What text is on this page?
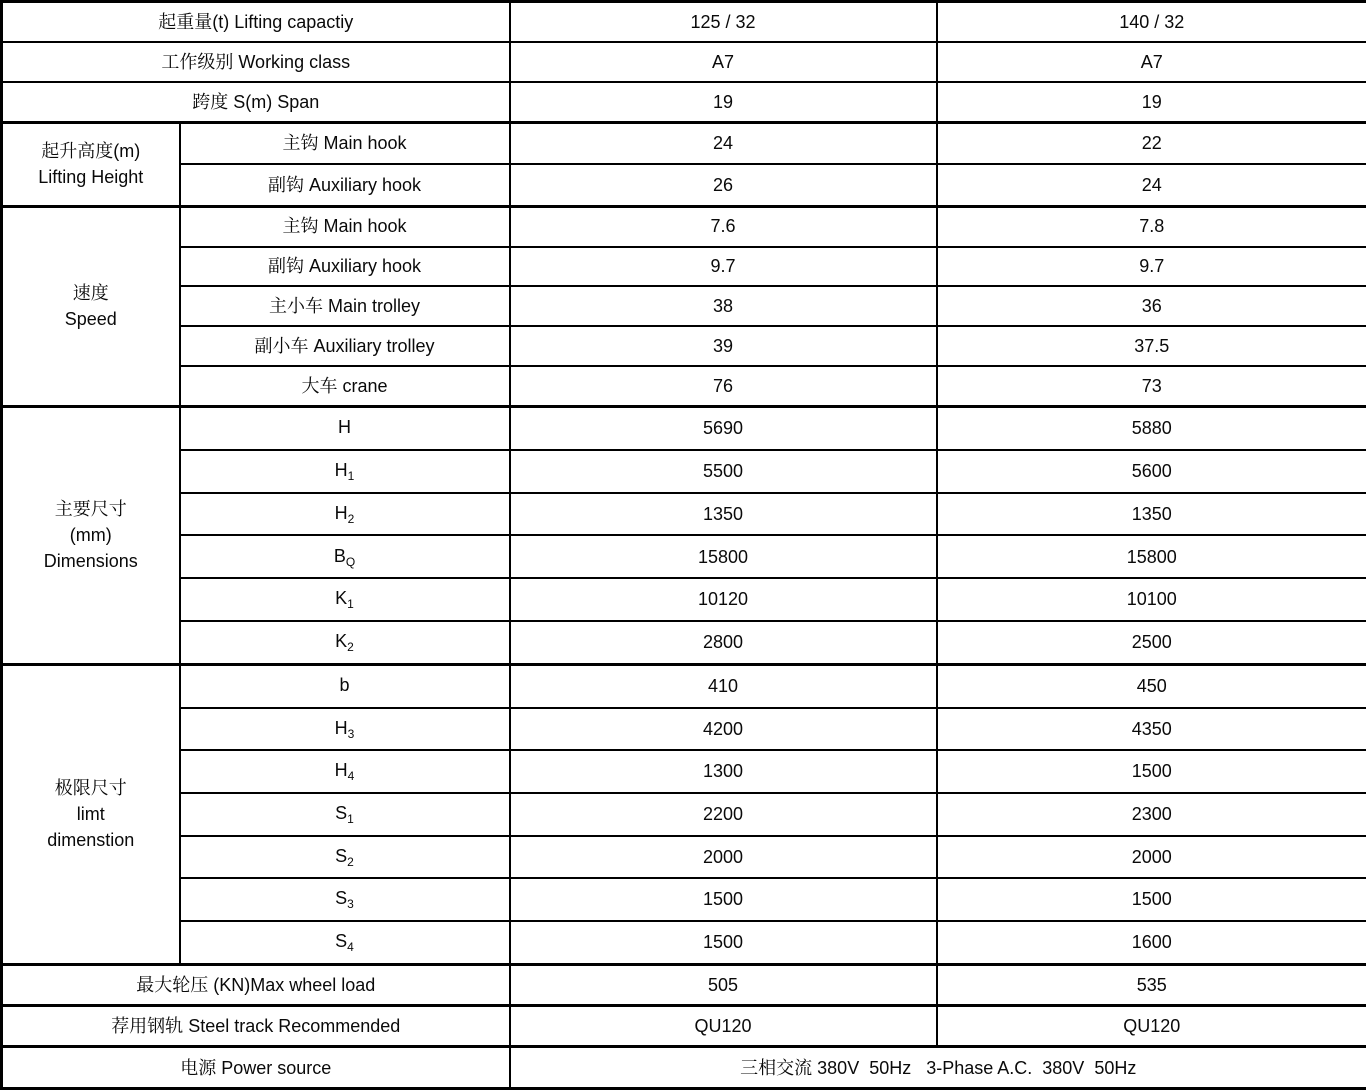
起重量(t) Lifting capactiy		125 / 32	140 / 32
工作级别 Working class		A7	A7
跨度 S(m) Span		19	19

起升高度(m)
Lifting Height	主钩 Main hook	24	22
	副钩 Auxiliary hook	26	24

速度
Speed	主钩 Main hook	7.6	7.8
	副钩 Auxiliary hook	9.7	9.7
	主小车 Main trolley	38	36
	副小车 Auxiliary trolley	39	37.5
	大车 crane	76	73

主要尺寸
(mm)
Dimensions	H	5690	5880
	$H_1$	5500	5600
	$H_2$	1350	1350
	$B_Q$	15800	15800
	$K_1$	10120	10100
	$K_2$	2800	2500

极限尺寸
limt
dimenstion	b	410	450
	$H_3$	4200	4350
	$H_4$	1300	1500
	$S_1$	2200	2300
	$S_2$	2000	2000
	$S_3$	1500	1500
	$S_4$	1500	1600
最大轮压 (KN)Max wheel load		505	535
荐用钢轨 Steel track Recommended		QU120	QU120
电源 Power source		三相交流 380V  50Hz   3-Phase A.C.  380V  50Hz	
